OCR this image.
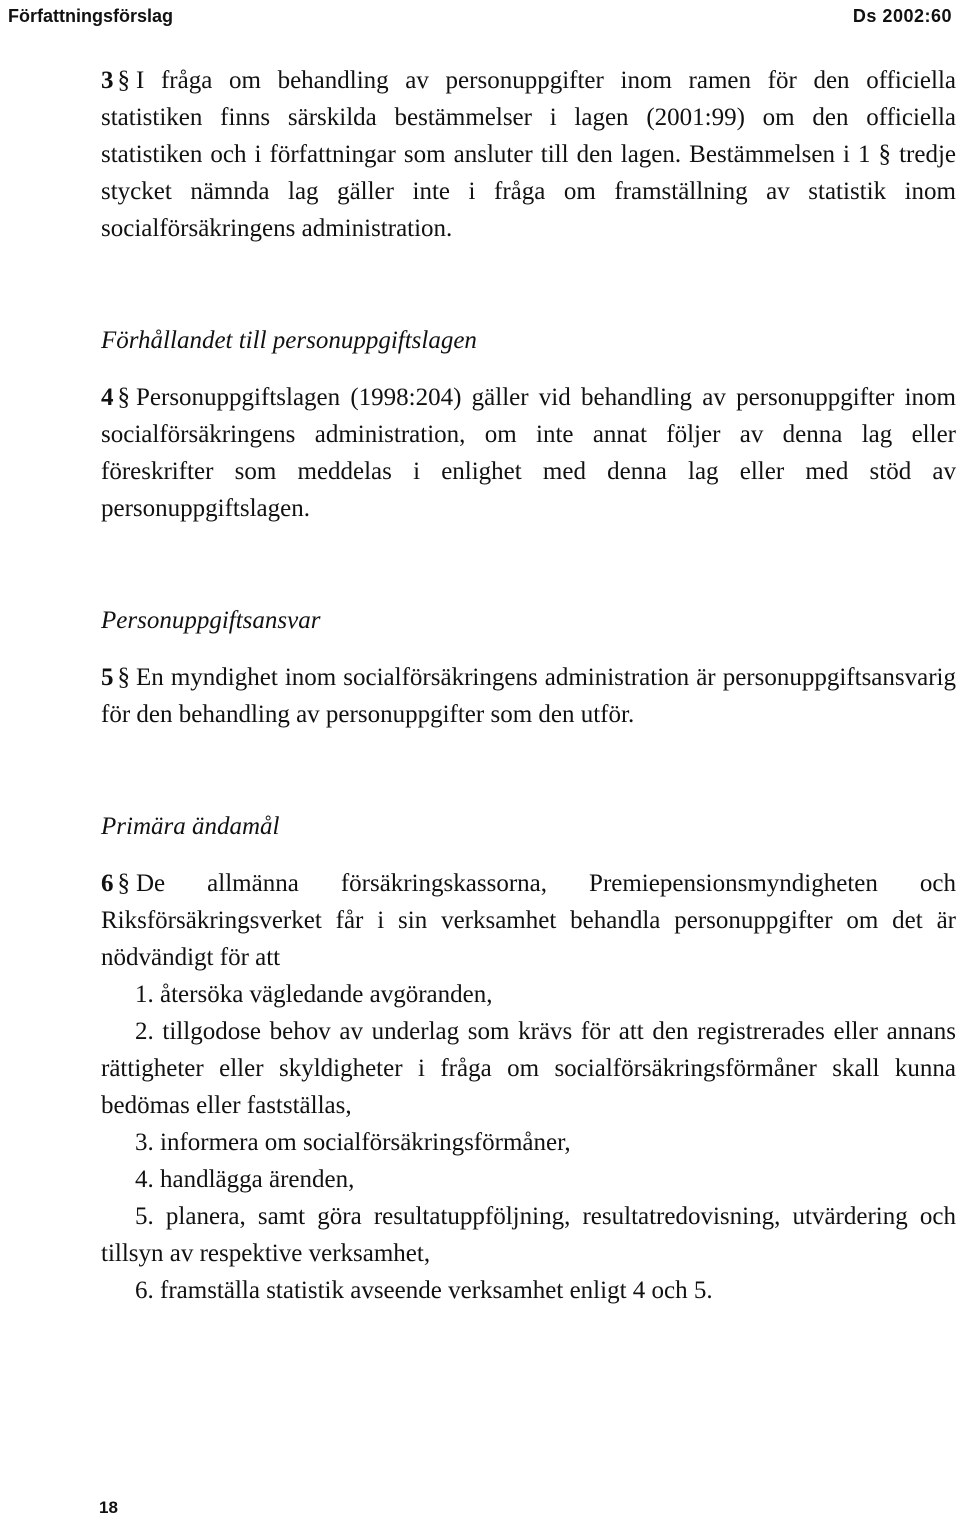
Författningsförslag	Ds 2002:60

3 § I fråga om behandling av personuppgifter inom ramen för den officiella statistiken finns särskilda bestämmelser i lagen (2001:99) om den officiella statistiken och i författningar som ansluter till den lagen. Bestämmelsen i 1 § tredje stycket nämnda lag gäller inte i fråga om framställning av statistik inom socialförsäkringens administration.

Förhållandet till personuppgiftslagen

4 § Personuppgiftslagen (1998:204) gäller vid behandling av personuppgifter inom socialförsäkringens administration, om inte annat följer av denna lag eller föreskrifter som meddelas i enlighet med denna lag eller med stöd av personuppgiftslagen.

Personuppgiftsansvar

5 § En myndighet inom socialförsäkringens administration är personuppgiftsansvarig för den behandling av personuppgifter som den utför.

Primära ändamål

6 § De allmänna försäkringskassorna, Premiepensionsmyndigheten och Riksförsäkringsverket får i sin verksamhet behandla personuppgifter om det är nödvändigt för att

1. återsöka vägledande avgöranden,

2. tillgodose behov av underlag som krävs för att den registrerades eller annans rättigheter eller skyldigheter i fråga om socialförsäkringsförmåner skall kunna bedömas eller fastställas,

3. informera om socialförsäkringsförmåner,

4. handlägga ärenden,

5. planera, samt göra resultatuppföljning, resultatredovisning, utvärdering och tillsyn av respektive verksamhet,

6. framställa statistik avseende verksamhet enligt 4 och 5.

18
